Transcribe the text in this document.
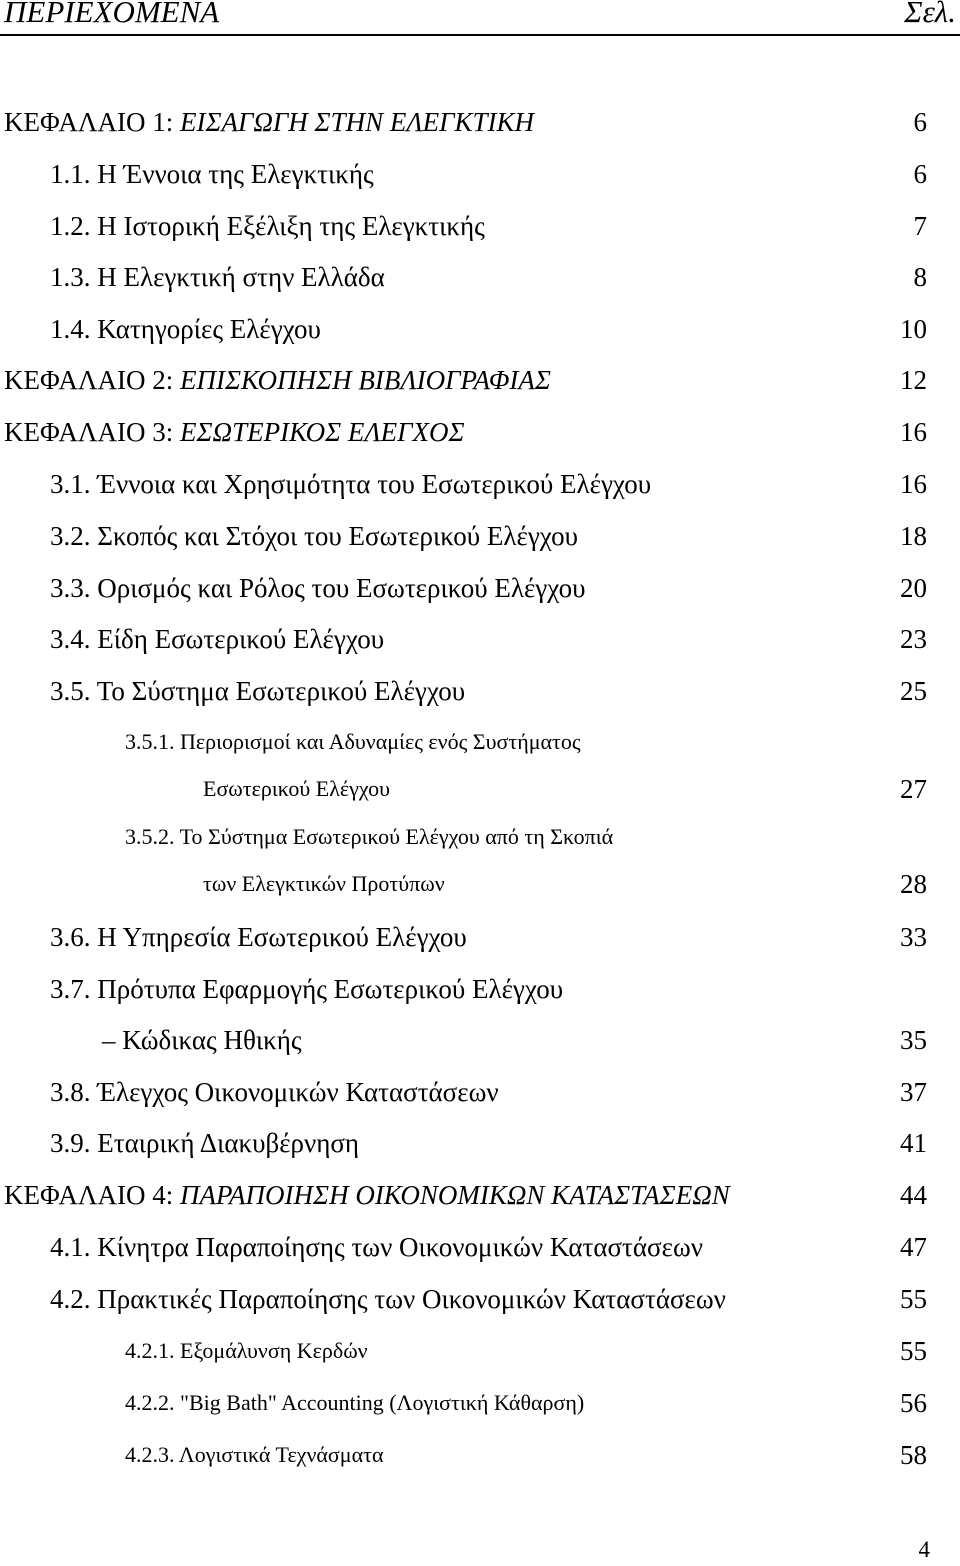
ΠΕΡΙΕΧΟΜΕΝΑ	Σελ.
ΚΕΦΑΛΑΙΟ 1: ΕΙΣΑΓΩΓΗ ΣΤΗΝ ΕΛΕΓΚΤΙΚΗ	6
1.1. Η Έννοια της Ελεγκτικής	6
1.2. Η Ιστορική Εξέλιξη της Ελεγκτικής	7
1.3. Η Ελεγκτική στην Ελλάδα	8
1.4. Κατηγορίες Ελέγχου	10
ΚΕΦΑΛΑΙΟ 2: ΕΠΙΣΚΟΠΗΣΗ ΒΙΒΛΙΟΓΡΑΦΙΑΣ	12
ΚΕΦΑΛΑΙΟ 3: ΕΣΩΤΕΡΙΚΟΣ ΕΛΕΓΧΟΣ	16
3.1. Έννοια και Χρησιμότητα του Εσωτερικού Ελέγχου	16
3.2. Σκοπός και Στόχοι του Εσωτερικού Ελέγχου	18
3.3. Ορισμός και Ρόλος του Εσωτερικού Ελέγχου	20
3.4. Είδη Εσωτερικού Ελέγχου	23
3.5. Το Σύστημα Εσωτερικού Ελέγχου	25
3.5.1. Περιορισμοί και Αδυναμίες ενός Συστήματος
Εσωτερικού Ελέγχου	27
3.5.2. Το Σύστημα Εσωτερικού Ελέγχου από τη Σκοπιά
των Ελεγκτικών Προτύπων	28
3.6. Η Υπηρεσία Εσωτερικού Ελέγχου	33
3.7. Πρότυπα Εφαρμογής Εσωτερικού Ελέγχου
– Κώδικας Ηθικής	35
3.8. Έλεγχος Οικονομικών Καταστάσεων	37
3.9. Εταιρική Διακυβέρνηση	41
ΚΕΦΑΛΑΙΟ 4: ΠΑΡΑΠΟΙΗΣΗ ΟΙΚΟΝΟΜΙΚΩΝ ΚΑΤΑΣΤΑΣΕΩΝ	44
4.1. Κίνητρα Παραποίησης των Οικονομικών Καταστάσεων	47
4.2. Πρακτικές Παραποίησης των Οικονομικών Καταστάσεων	55
4.2.1. Εξομάλυνση Κερδών	55
4.2.2. "Big Bath" Accounting (Λογιστική Κάθαρση)	56
4.2.3. Λογιστικά Τεχνάσματα	58
4
